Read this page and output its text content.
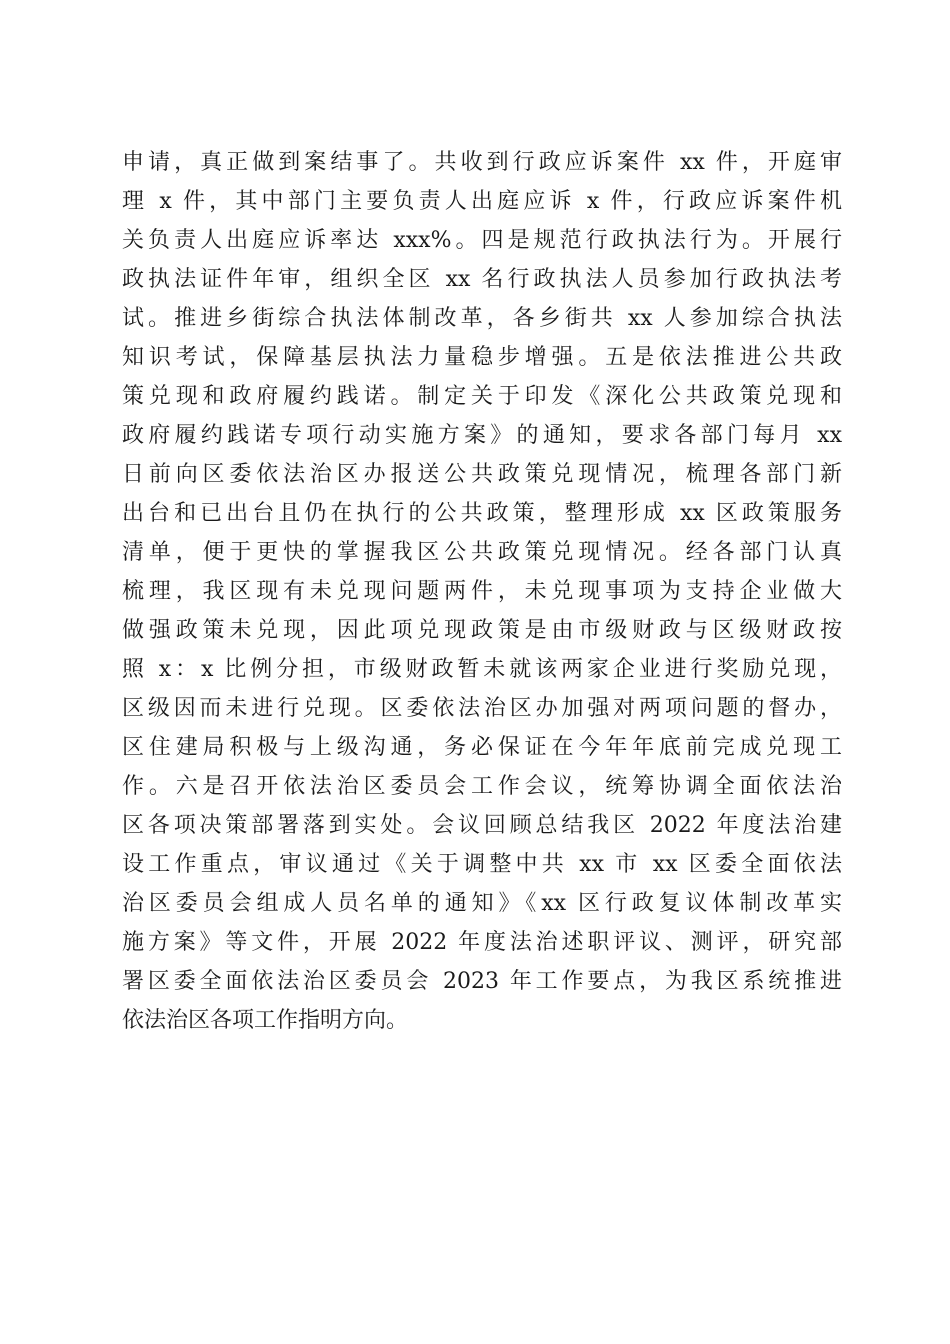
申请，真正做到案结事了。共收到行政应诉案件 xx 件，开庭审
理 x 件，其中部门主要负责人出庭应诉 x 件，行政应诉案件机
关负责人出庭应诉率达 xxx%。四是规范行政执法行为。开展行
政执法证件年审，组织全区 xx 名行政执法人员参加行政执法考
试。推进乡街综合执法体制改革，各乡街共 xx 人参加综合执法
知识考试，保障基层执法力量稳步增强。五是依法推进公共政
策兑现和政府履约践诺。制定关于印发《深化公共政策兑现和
政府履约践诺专项行动实施方案》的通知，要求各部门每月 xx
日前向区委依法治区办报送公共政策兑现情况，梳理各部门新
出台和已出台且仍在执行的公共政策，整理形成 xx 区政策服务
清单，便于更快的掌握我区公共政策兑现情况。经各部门认真
梳理，我区现有未兑现问题两件，未兑现事项为支持企业做大
做强政策未兑现，因此项兑现政策是由市级财政与区级财政按
照 x：x 比例分担，市级财政暂未就该两家企业进行奖励兑现，
区级因而未进行兑现。区委依法治区办加强对两项问题的督办，
区住建局积极与上级沟通，务必保证在今年年底前完成兑现工
作。六是召开依法治区委员会工作会议，统筹协调全面依法治
区各项决策部署落到实处。会议回顾总结我区 2022 年度法治建
设工作重点，审议通过《关于调整中共 xx 市 xx 区委全面依法
治区委员会组成人员名单的通知》《xx 区行政复议体制改革实
施方案》等文件，开展 2022 年度法治述职评议、测评，研究部
署区委全面依法治区委员会 2023 年工作要点，为我区系统推进
依法治区各项工作指明方向。
